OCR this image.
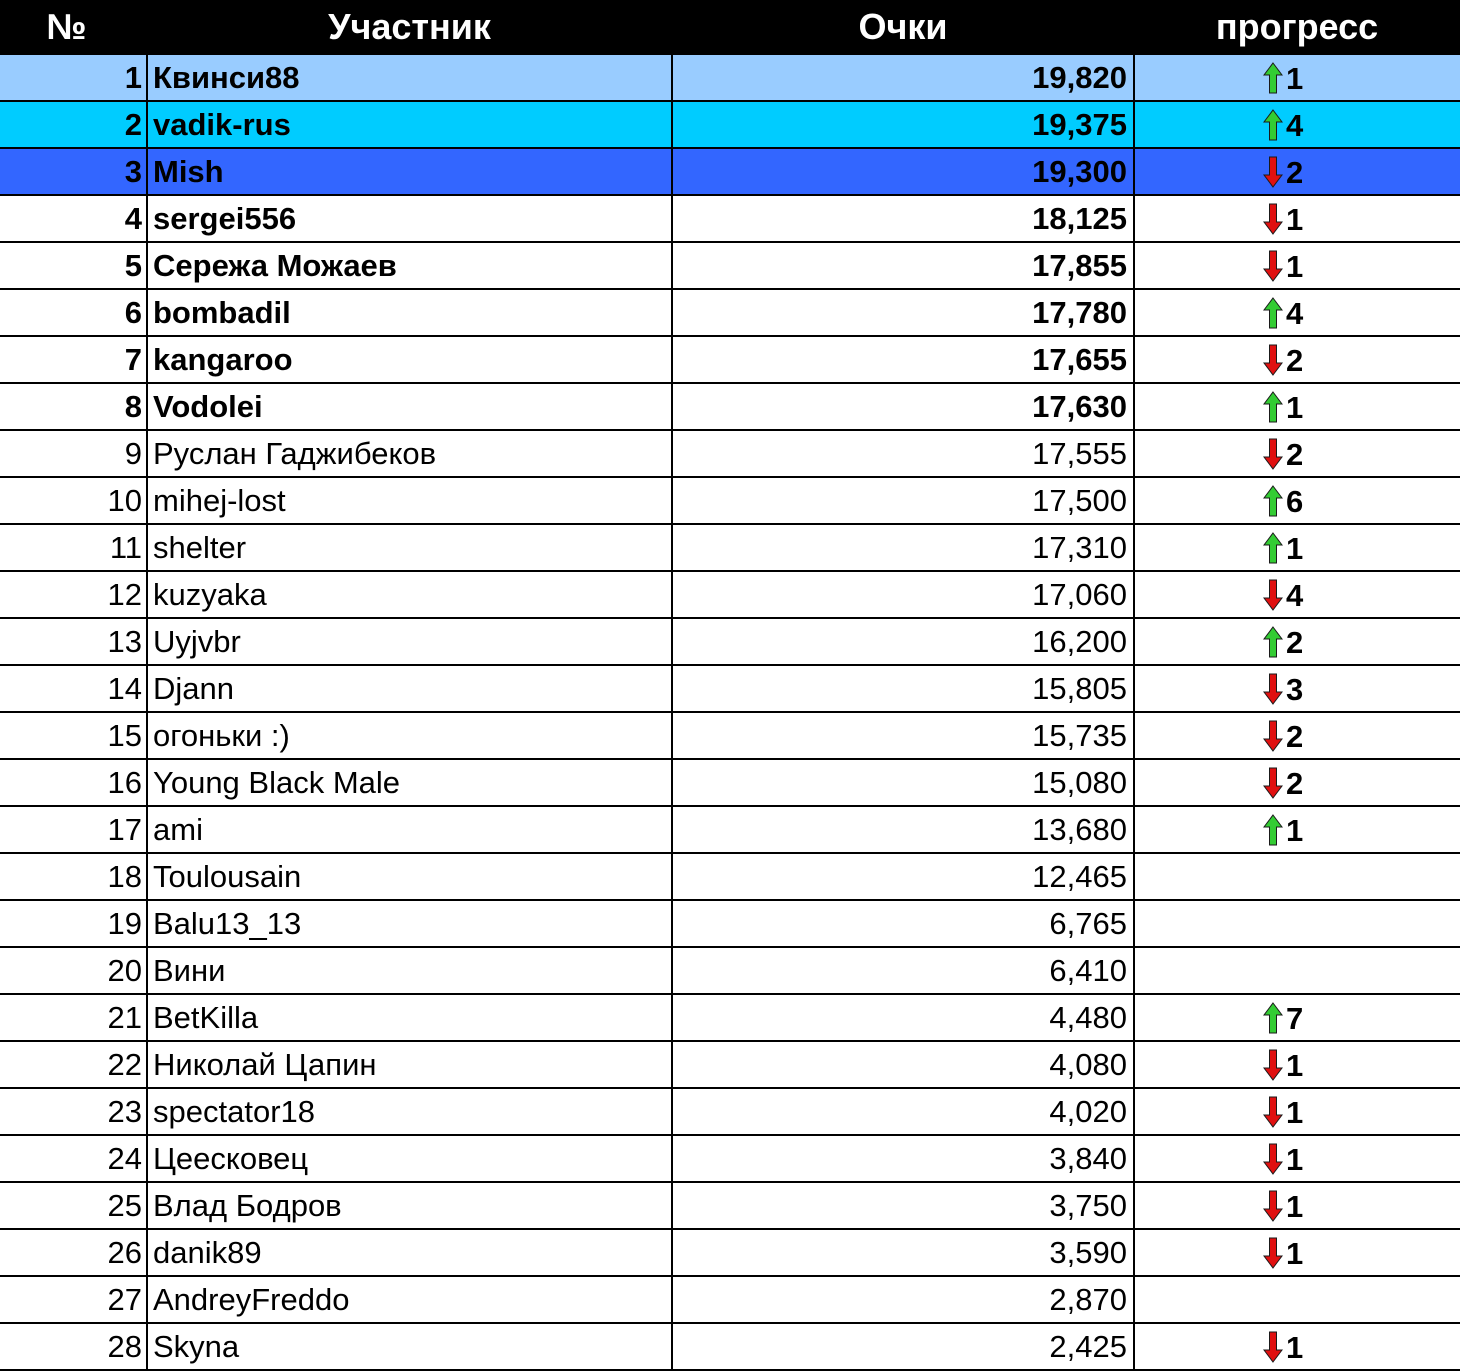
№	Участник	Очки	прогресс
1	Квинси88	19,820	1
2	vadik-rus	19,375	4
3	Mish	19,300	2
4	sergei556	18,125	1
5	Сережа Можаев	17,855	1
6	bombadil	17,780	4
7	kangaroo	17,655	2
8	Vodolei	17,630	1
9	Руслан Гаджибеков	17,555	2
10	mihej-lost	17,500	6
11	shelter	17,310	1
12	kuzyaka	17,060	4
13	Uyjvbr	16,200	2
14	Djann	15,805	3
15	огоньки :)	15,735	2
16	Young Black Male	15,080	2
17	ami	13,680	1
18	Toulousain	12,465	
19	Balu13_13	6,765	
20	Вини	6,410	
21	BetKilla	4,480	7
22	Николай Цапин	4,080	1
23	spectator18	4,020	1
24	Цеесковец	3,840	1
25	Влад Бодров	3,750	1
26	danik89	3,590	1
27	AndreyFreddo	2,870	
28	Skyna	2,425	1
